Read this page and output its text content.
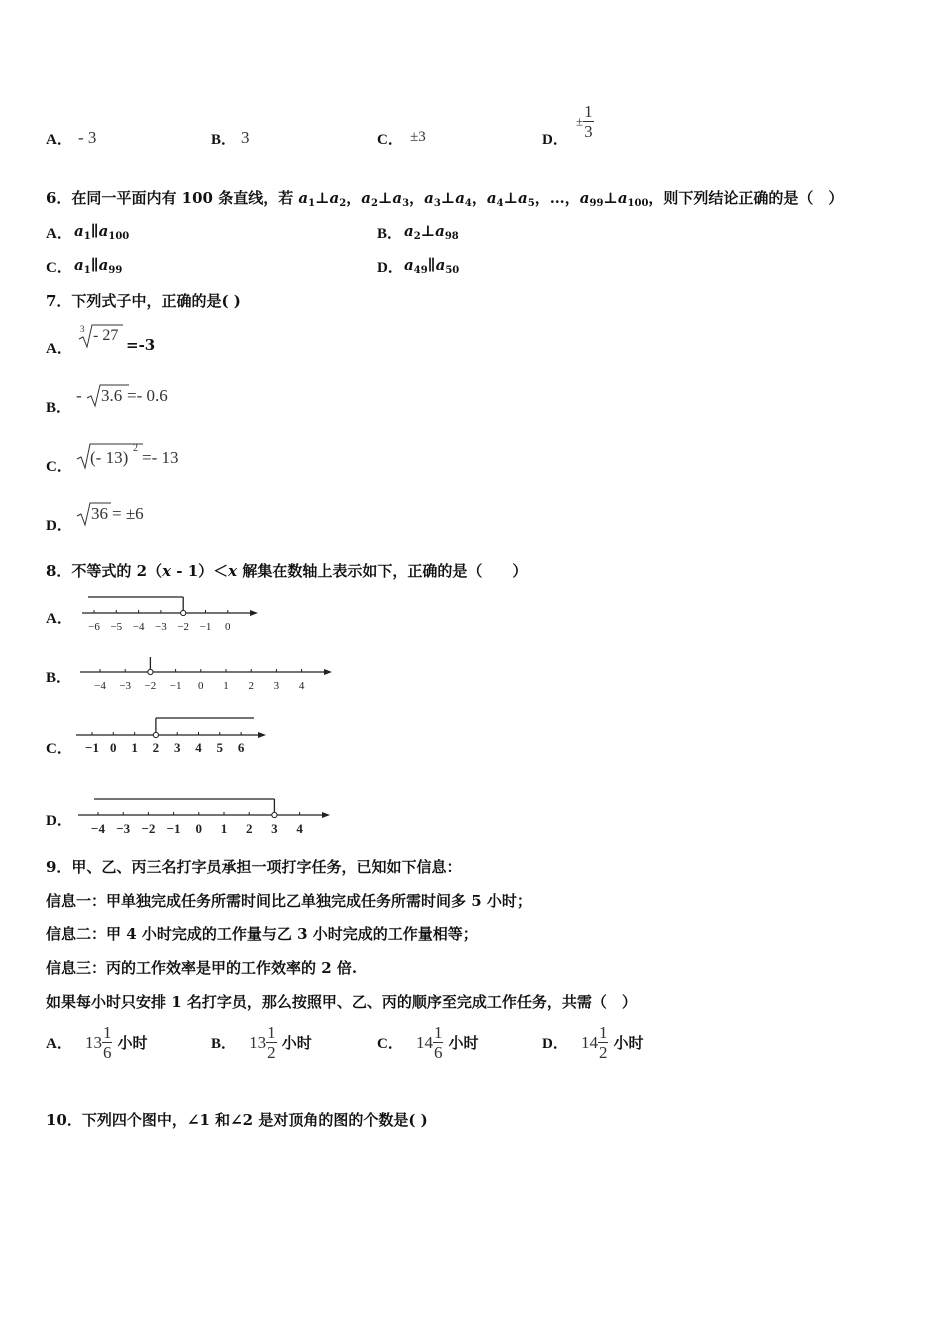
A． - 3	B． 3	C． ±3	D．
± $\frac{1}{3}$
6．在同一平面内有 100 条直线，若 $a_1\perp a_2$，$a_2\perp a_3$，$a_3\perp a_4$，$a_4\perp a_5$，…，$a_{99}\perp a_{100}$，则下列结论正确的是（　）
A． $a_1\parallel a_{100}$	B． $a_2\perp a_{98}$
C． $a_1\parallel a_{99}$	D． $a_{49}\parallel a_{50}$
7．下列式子中，正确的是( )
A．
3 - 27
=-3
B．
- 3.6 =- 0.6
C． (- 13) 2 =- 13
D．
36 = ±6
8．不等式的 2（x - 1）＜x 解集在数轴上表示如下，正确的是（　　）
A． −6 −5 −4 −3 −2 −1 0
B． −4 −3 −2 −1 0 1 2 3 4
C． −1 0 1 2 3 4 5 6
D． −4 −3 −2 −1 0 1 2 3 4
9．甲、乙、丙三名打字员承担一项打字任务，已知如下信息：
信息一：甲单独完成任务所需时间比乙单独完成任务所需时间多 5 小时；
信息二：甲 4 小时完成的工作量与乙 3 小时完成的工作量相等；
信息三：丙的工作效率是甲的工作效率的 2 倍.
如果每小时只安排 1 名打字员，那么按照甲、乙、丙的顺序至完成工作任务，共需（　）
A． $13 \frac{1}{6}$ 小时	B． $13 \frac{1}{2}$ 小时	C． $14 \frac{1}{6}$ 小时	D． $14 \frac{1}{2}$ 小时
10．下列四个图中，∠1 和∠2 是对顶角的图的个数是( )
